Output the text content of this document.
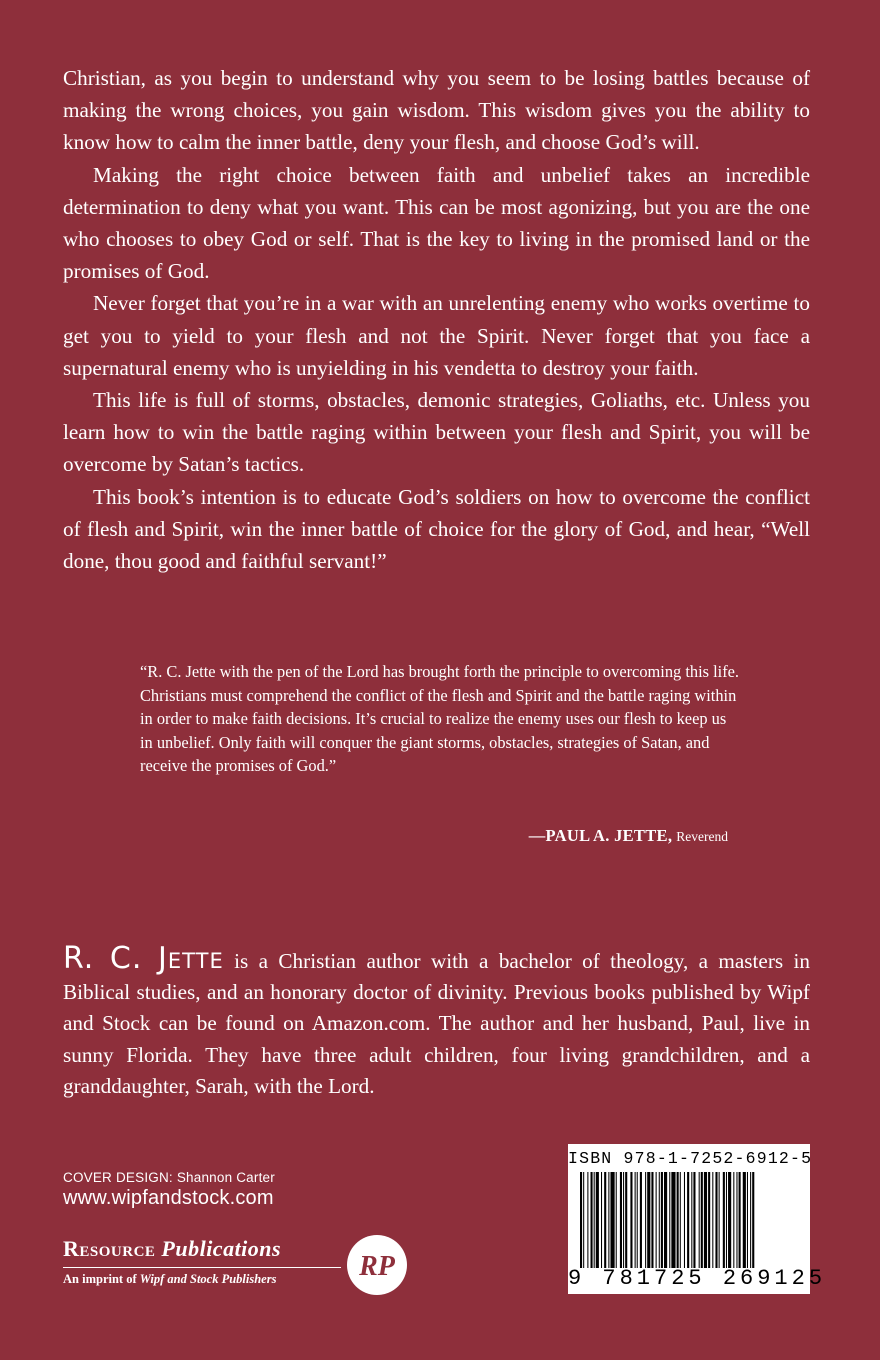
Christian, as you begin to understand why you seem to be losing battles because of making the wrong choices, you gain wisdom. This wisdom gives you the ability to know how to calm the inner battle, deny your flesh, and choose God’s will.

Making the right choice between faith and unbelief takes an incredible determination to deny what you want. This can be most agonizing, but you are the one who chooses to obey God or self. That is the key to living in the promised land or the promises of God.

Never forget that you’re in a war with an unrelenting enemy who works overtime to get you to yield to your flesh and not the Spirit. Never forget that you face a supernatural enemy who is unyielding in his vendetta to destroy your faith.

This life is full of storms, obstacles, demonic strategies, Goliaths, etc. Unless you learn how to win the battle raging within between your flesh and Spirit, you will be overcome by Satan’s tactics.

This book’s intention is to educate God’s soldiers on how to overcome the conflict of flesh and Spirit, win the inner battle of choice for the glory of God, and hear, “Well done, thou good and faithful servant!”

“R. C. Jette with the pen of the Lord has brought forth the principle to overcoming this life. Christians must comprehend the conflict of the flesh and Spirit and the battle raging within in order to make faith decisions. It’s crucial to realize the enemy uses our flesh to keep us in unbelief. Only faith will conquer the giant storms, obstacles, strategies of Satan, and receive the promises of God.”

—PAUL A. JETTE, Reverend

R. C. Jette is a Christian author with a bachelor of theology, a masters in Biblical studies, and an honorary doctor of divinity. Previous books published by Wipf and Stock can be found on Amazon.com. The author and her husband, Paul, live in sunny Florida. They have three adult children, four living grandchildren, and a granddaughter, Sarah, with the Lord.

COVER DESIGN: Shannon Carter
www.wipfandstock.com
Resource Publications
An imprint of Wipf and Stock Publishers	RP
ISBN 978-1-7252-6912-5
9 781725 269125
